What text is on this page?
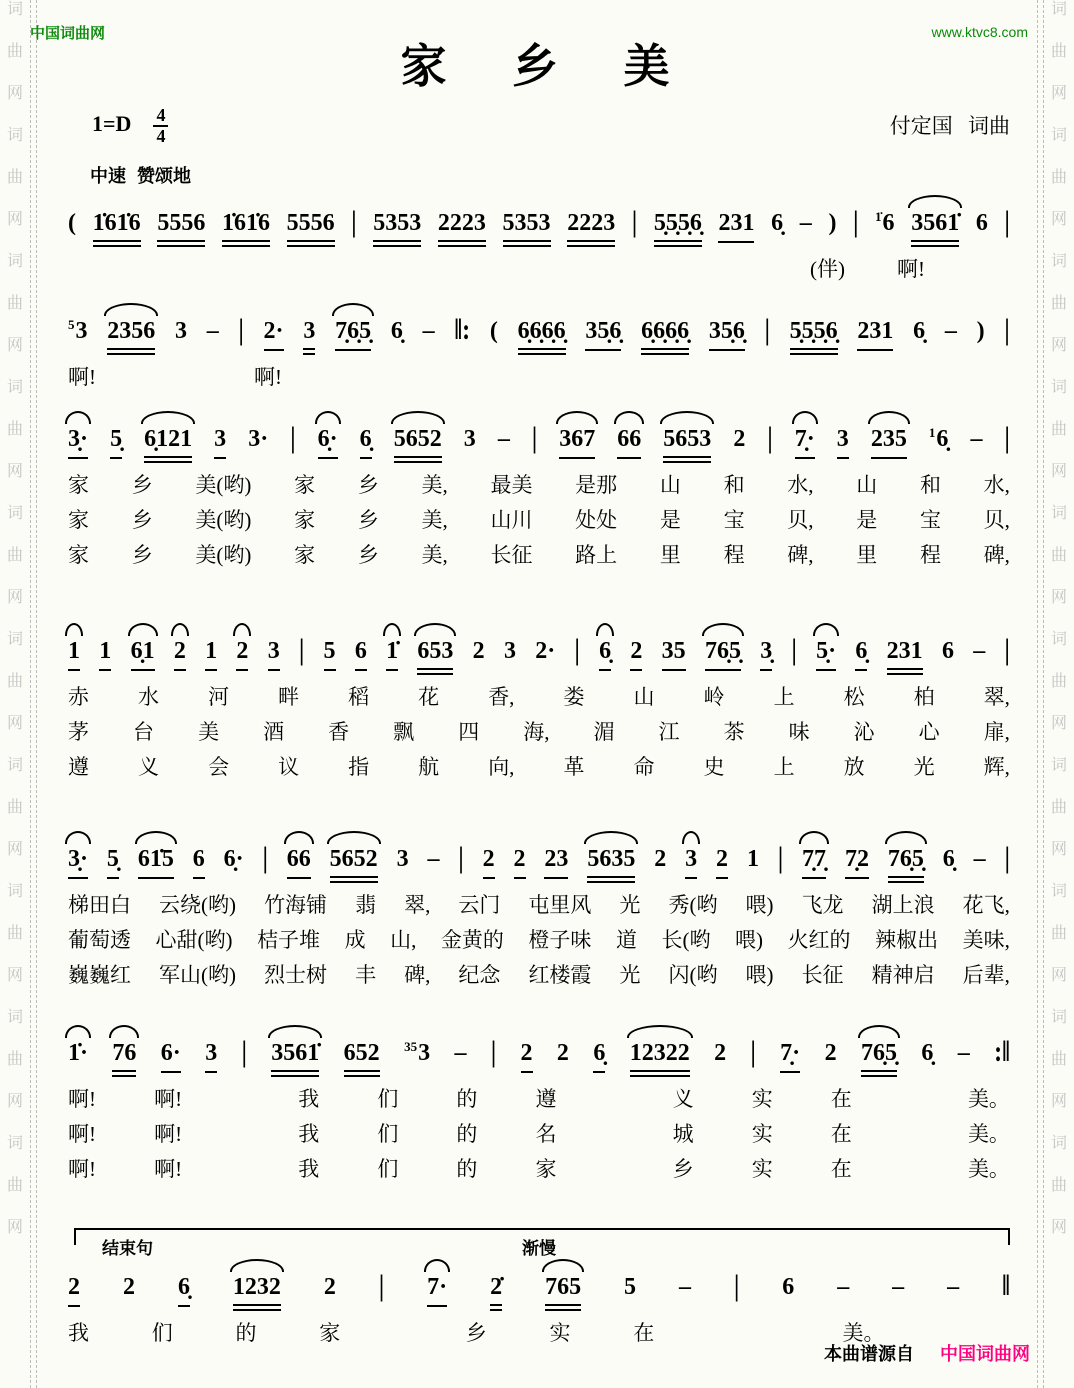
词
曲
网
词
曲
网
词
曲
网
词
曲
网
词
曲
网
词
曲
网
词
曲
网
词
曲
网
词
曲
网
词
曲
网
词
曲
网
词
曲
网
词
曲
网
词
曲
网
词
曲
网
词
曲
网
词
曲
网
词
曲
网
词
曲
网
词
曲
网
中国词曲网	www.ktvc8.com
家 乡 美
$1=D \frac{4}{4}$	付定国 词曲
中速 赞颂地
( 1̇61̇6 5556 1̇61̇6 5556 | 5353 2223 5353 2223 | 5̣5̣5̣6̣ 231 6̣ – ) | $^{1̇}$6 3561̇ 6 |
(伴) 啊!
$^5$3 2356 3 – | 2· 3 7̣6̣5̣ 6̣ – ‖: ( 6̣6̣6̣6̣ 35̣6̣ 6̣6̣6̣6̣ 35̣6̣ | 5̣5̣5̣6̣ 231 6̣ – ) |
啊!	啊!
3̣· 5̣ 6̣121 3 3· | 6̣· 6̣ 5652 3 – | 367 66 5653 2 | 7̣· 3 235 $^1$6̣ – |
家 乡 美(哟) 家 乡 美, 最美 是那 山 和 水, 山 和 水,
家 乡 美(哟) 家 乡 美, 山川 处处 是 宝 贝, 是 宝 贝,
家 乡 美(哟) 家 乡 美, 长征 路上 里 程 碑, 里 程 碑,
1 1 6̣1 2 1 2 3 | 5 6 1̇ 653 2 3 2· | 6̣ 2 35 76̣5̣ 3̣ | 5̣· 6̣ 231 6 – |
赤 水 河 畔 稻 花 香, 娄 山 岭 上 松 柏 翠,
茅 台 美 酒 香 飘 四 海, 湄 江 茶 味 沁 心 扉,
遵 义 会 议 指 航 向, 革 命 史 上 放 光 辉,
3̣· 5̣ 61̇5 6 6̣· | 66 5652 3 – | 2 2 23 5635 2 3 2 1 | 7̣7̣ 7̣2 76̣5̣ 6̣ – |
梯田白 云绕(哟) 竹海铺 翡 翠, 云门 屯里风 光 秀(哟 喂) 飞龙 湖上浪 花飞,
葡萄透 心甜(哟) 桔子堆 成 山, 金黄的 橙子味 道 长(哟 喂) 火红的 辣椒出 美味,
巍巍红 军山(哟) 烈士树 丰 碑, 纪念 红楼霞 光 闪(哟 喂) 长征 精神启 后辈,
1̇· 76 6· 3 | 3561̇ 652 $^{35}$3 – | 2 2 6̣ 12322 2 | 7̣· 2 76̣5̣ 6̣ – :‖
啊!	啊!	我	们	的	遵	义	实	在	美。
啊!	啊!	我	们	的	名	城	实	在	美。
啊!	啊!	我	们	的	家	乡	实	在	美。
结束句	渐慢
2 2 6̣ 1232 2 | 7· 2̇ 765 5 – | 6 – – – ‖
我	们	的	家	乡	实	在	美。
本曲谱源自 中国词曲网
